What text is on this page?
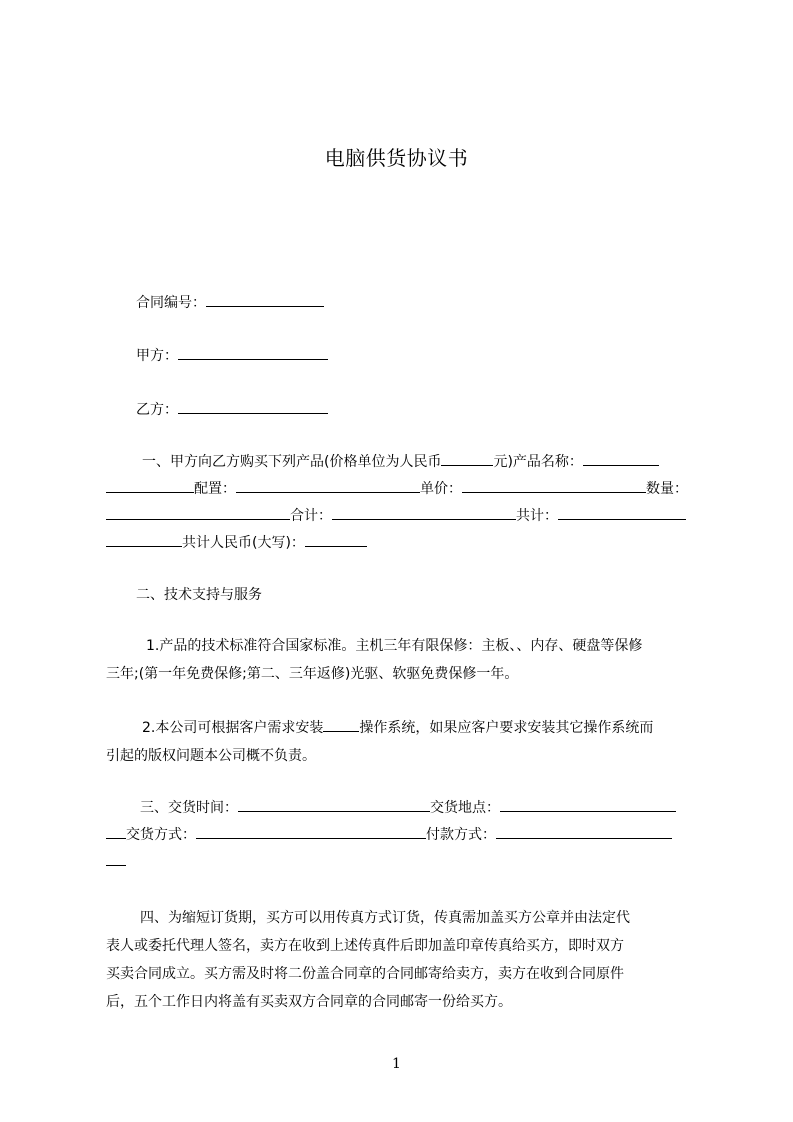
电脑供货协议书
合同编号：
甲方：
乙方：
一、甲方向乙方购买下列产品(价格单位为人民币	元)产品名称：
配置：	单价：	数量：
合计：	共计：
共计人民币(大写)：
二、技术支持与服务
1.产品的技术标准符合国家标准。主机三年有限保修：主板、、内存、硬盘等保修
三年;(第一年免费保修;第二、三年返修)光驱、软驱免费保修一年。
2.本公司可根据客户需求安装	操作系统，如果应客户要求安装其它操作系统而
引起的版权问题本公司概不负责。
三、交货时间：	交货地点：
交货方式：	付款方式：
四、为缩短订货期，买方可以用传真方式订货，传真需加盖买方公章并由法定代
表人或委托代理人签名，卖方在收到上述传真件后即加盖印章传真给买方，即时双方
买卖合同成立。买方需及时将二份盖合同章的合同邮寄给卖方，卖方在收到合同原件
后，五个工作日内将盖有买卖双方合同章的合同邮寄一份给买方。
1
